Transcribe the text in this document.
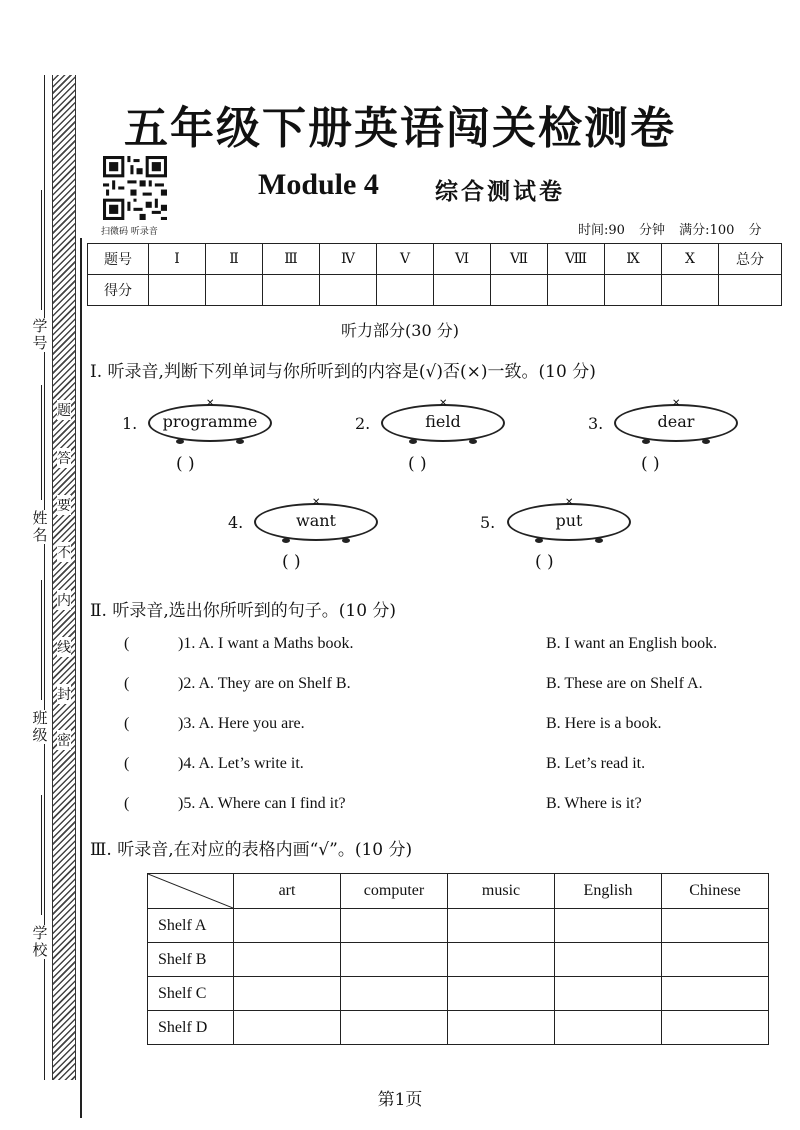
学号
姓名
班级
学校
题
答
要
不
内
线
封
密
五年级下册英语闯关检测卷
扫微码 听录音
Module 4 综合测试卷
时间:90 分钟 满分:100 分
题号	Ⅰ	Ⅱ	Ⅲ	Ⅳ	Ⅴ	Ⅵ	Ⅶ	Ⅷ	Ⅸ	Ⅹ	总分
得分											
听力部分(30 分)
Ⅰ. 听录音,判断下列单词与你所听到的内容是(√)否(×)一致。(10 分)
1.
✕
programme
( )
2.
✕
field
( )
3.
✕
dear
( )
4.
✕
want
( )
5.
✕
put
( )
Ⅱ. 听录音,选出你所听到的句子。(10 分)
(	)1. A. I want a Maths book.	B. I want an English book.
(	)2. A. They are on Shelf B.	B. These are on Shelf A.
(	)3. A. Here you are.	B. Here is a book.
(	)4. A. Let’s write it.	B. Let’s read it.
(	)5. A. Where can I find it?	B. Where is it?
Ⅲ. 听录音,在对应的表格内画“√”。(10 分)
	art	computer	music	English	Chinese
Shelf A					
Shelf B					
Shelf C					
Shelf D					
第1页
